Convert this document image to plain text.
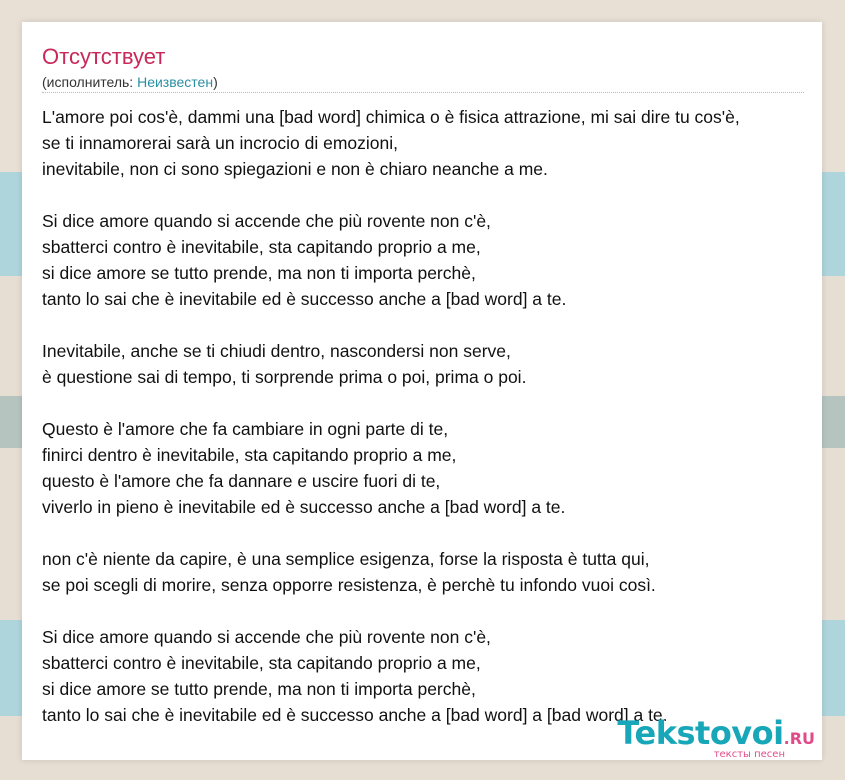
Отсутствует
(исполнитель: Неизвестен)
L'amore poi cos'è, dammi una [bad word] chimica o è fisica attrazione, mi sai dire tu cos'è,
se ti innamorerai sarà un incrocio di emozioni,
inevitabile, non ci sono spiegazioni e non è chiaro neanche a me.
Si dice amore quando si accende che più rovente non c'è,
sbatterci contro è inevitabile, sta capitando proprio a me,
si dice amore se tutto prende, ma non ti importa perchè,
tanto lo sai che è inevitabile ed è successo anche a [bad word] a te.
Inevitabile, anche se ti chiudi dentro, nascondersi non serve,
è questione sai di tempo, ti sorprende prima o poi, prima o poi.
Questo è l'amore che fa cambiare in ogni parte di te,
finirci dentro è inevitabile, sta capitando proprio a me,
questo è l'amore che fa dannare e uscire fuori di te,
viverlo in pieno è inevitabile ed è successo anche a [bad word] a te.
non c'è niente da capire, è una semplice esigenza, forse la risposta è tutta qui,
se poi scegli di morire, senza opporre resistenza, è perchè tu infondo vuoi così.
Si dice amore quando si accende che più rovente non c'è,
sbatterci contro è inevitabile, sta capitando proprio a me,
si dice amore se tutto prende, ma non ti importa perchè,
tanto lo sai che è inevitabile ed è successo anche a [bad word] a [bad word] a te.
Tekstovoi.RU
тексты песен
